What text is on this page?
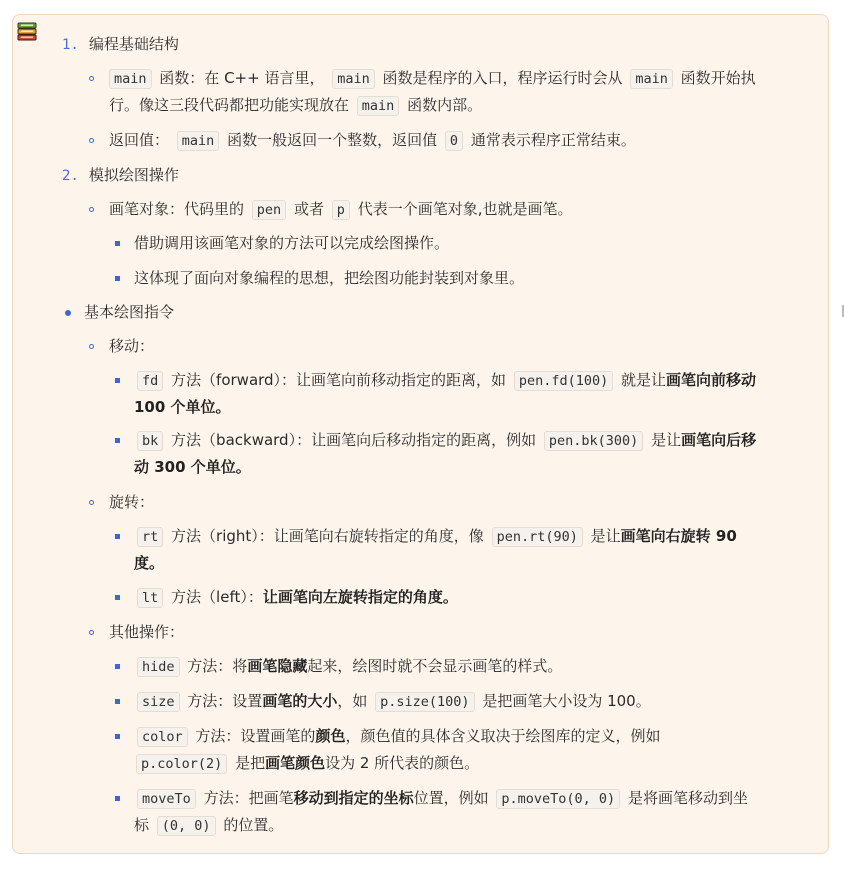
1. 编程基础结构
main 函数：在 C++ 语言里， main 函数是程序的入口，程序运行时会从 main 函数开始执
行。像这三段代码都把功能实现放在 main 函数内部。
返回值： main 函数一般返回一个整数，返回值 0 通常表示程序正常结束。
2. 模拟绘图操作
画笔对象：代码里的 pen 或者 p 代表一个画笔对象,也就是画笔。
借助调用该画笔对象的方法可以完成绘图操作。
这体现了面向对象编程的思想，把绘图功能封装到对象里。
基本绘图指令
移动：
fd 方法（forward）：让画笔向前移动指定的距离，如 pen.fd(100) 就是让画笔向前移动
100 个单位。
bk 方法（backward）：让画笔向后移动指定的距离，例如 pen.bk(300) 是让画笔向后移
动 300 个单位。
旋转：
rt 方法（right）：让画笔向右旋转指定的角度，像 pen.rt(90) 是让画笔向右旋转 90
度。
lt 方法（left）：让画笔向左旋转指定的角度。
其他操作：
hide 方法：将画笔隐藏起来，绘图时就不会显示画笔的样式。
size 方法：设置画笔的大小，如 p.size(100) 是把画笔大小设为 100。
color 方法：设置画笔的颜色，颜色值的具体含义取决于绘图库的定义，例如
p.color(2) 是把画笔颜色设为 2 所代表的颜色。
moveTo 方法：把画笔移动到指定的坐标位置，例如 p.moveTo(0, 0) 是将画笔移动到坐
标 (0, 0) 的位置。
